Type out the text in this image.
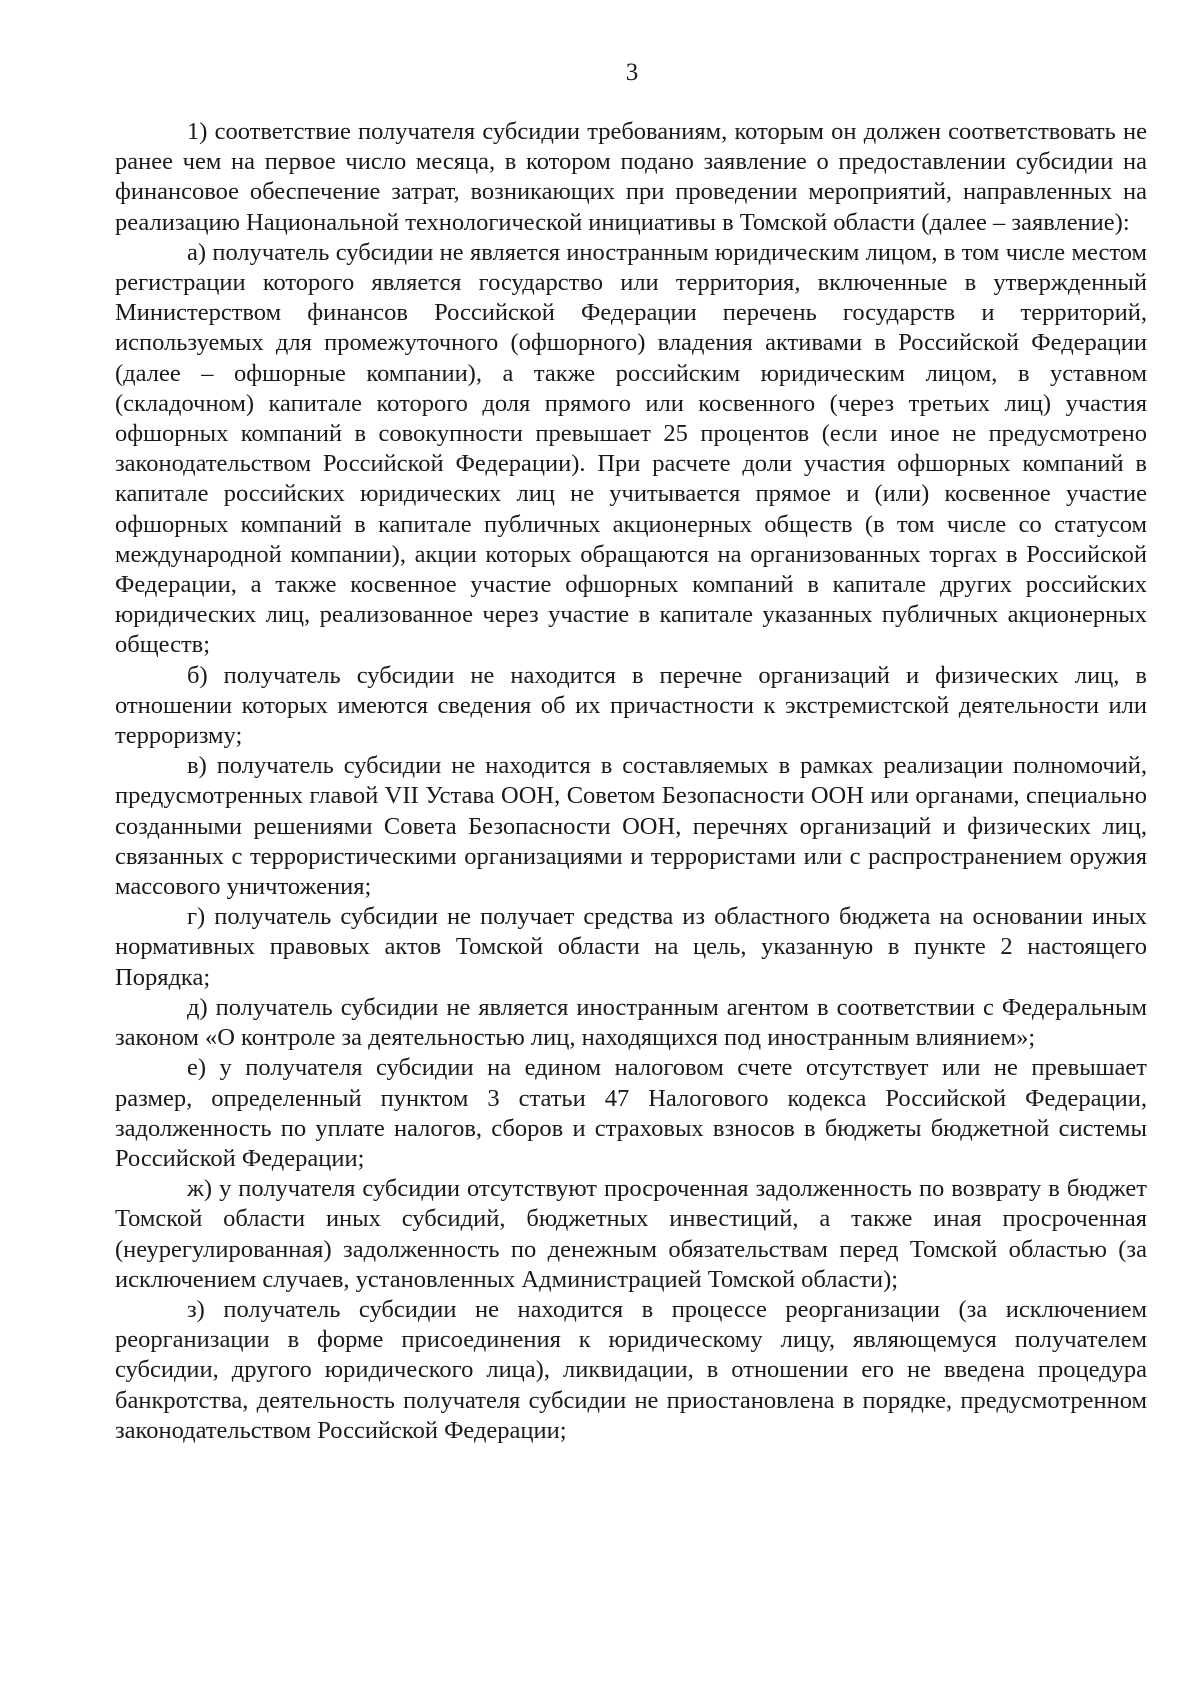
3

1) соответствие получателя субсидии требованиям, которым он должен соответствовать не ранее чем на первое число месяца, в котором подано заявление о предоставлении субсидии на финансовое обеспечение затрат, возникающих при проведении мероприятий, направленных на реализацию Национальной технологической инициативы в Томской области (далее – заявление):

а) получатель субсидии не является иностранным юридическим лицом, в том числе местом регистрации которого является государство или территория, включенные в утвержденный Министерством финансов Российской Федерации перечень государств и территорий, используемых для промежуточного (офшорного) владения активами в Российской Федерации (далее – офшорные компании), а также российским юридическим лицом, в уставном (складочном) капитале которого доля прямого или косвенного (через третьих лиц) участия офшорных компаний в совокупности превышает 25 процентов (если иное не предусмотрено законодательством Российской Федерации). При расчете доли участия офшорных компаний в капитале российских юридических лиц не учитывается прямое и (или) косвенное участие офшорных компаний в капитале публичных акционерных обществ (в том числе со статусом международной компании), акции которых обращаются на организованных торгах в Российской Федерации, а также косвенное участие офшорных компаний в капитале других российских юридических лиц, реализованное через участие в капитале указанных публичных акционерных обществ;

б) получатель субсидии не находится в перечне организаций и физических лиц, в отношении которых имеются сведения об их причастности к экстремистской деятельности или терроризму;

в) получатель субсидии не находится в составляемых в рамках реализации полномочий, предусмотренных главой VII Устава ООН, Советом Безопасности ООН или органами, специально созданными решениями Совета Безопасности ООН, перечнях организаций и физических лиц, связанных с террористическими организациями и террористами или с распространением оружия массового уничтожения;

г) получатель субсидии не получает средства из областного бюджета на основании иных нормативных правовых актов Томской области на цель, указанную в пункте 2 настоящего Порядка;

д) получатель субсидии не является иностранным агентом в соответствии с Федеральным законом «О контроле за деятельностью лиц, находящихся под иностранным влиянием»;

е) у получателя субсидии на едином налоговом счете отсутствует или не превышает размер, определенный пунктом 3 статьи 47 Налогового кодекса Российской Федерации, задолженность по уплате налогов, сборов и страховых взносов в бюджеты бюджетной системы Российской Федерации;

ж) у получателя субсидии отсутствуют просроченная задолженность по возврату в бюджет Томской области иных субсидий, бюджетных инвестиций, а также иная просроченная (неурегулированная) задолженность по денежным обязательствам перед Томской областью (за исключением случаев, установленных Администрацией Томской области);

з) получатель субсидии не находится в процессе реорганизации (за исключением реорганизации в форме присоединения к юридическому лицу, являющемуся получателем субсидии, другого юридического лица), ликвидации, в отношении его не введена процедура банкротства, деятельность получателя субсидии не приостановлена в порядке, предусмотренном законодательством Российской Федерации;
